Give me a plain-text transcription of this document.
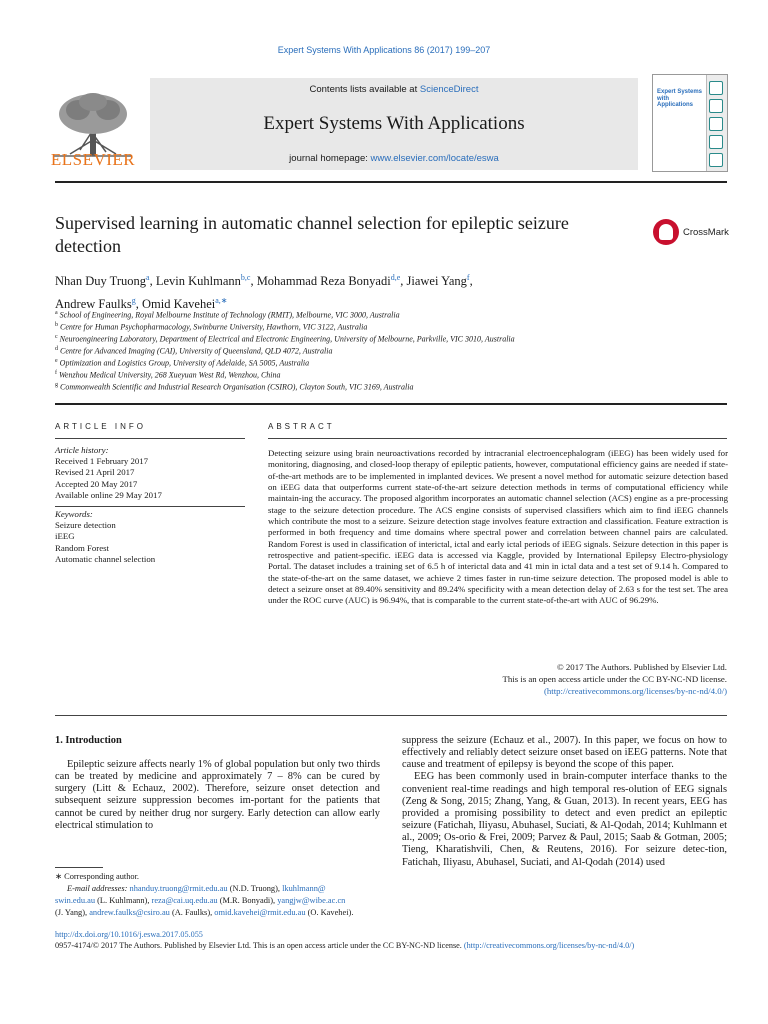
Expert Systems With Applications 86 (2017) 199–207
Contents lists available at ScienceDirect
Expert Systems With Applications
journal homepage: www.elsevier.com/locate/eswa
ELSEVIER
Expert Systems with Applications
Supervised learning in automatic channel selection for epileptic seizure detection
CrossMark
Nhan Duy Truong$^a$, Levin Kuhlmann$^{b,c}$, Mohammad Reza Bonyadi$^{d,e}$, Jiawei Yang$^f$,
Andrew Faulks$^g$, Omid Kavehei$^{a,∗}$
$^a$ School of Engineering, Royal Melbourne Institute of Technology (RMIT), Melbourne, VIC 3000, Australia
$^b$ Centre for Human Psychopharmacology, Swinburne University, Hawthorn, VIC 3122, Australia
$^c$ Neuroengineering Laboratory, Department of Electrical and Electronic Engineering, University of Melbourne, Parkville, VIC 3010, Australia
$^d$ Centre for Advanced Imaging (CAI), University of Queensland, QLD 4072, Australia
$^e$ Optimization and Logistics Group, University of Adelaide, SA 5005, Australia
$^f$ Wenzhou Medical University, 268 Xueyuan West Rd, Wenzhou, China
$^g$ Commonwealth Scientific and Industrial Research Organisation (CSIRO), Clayton South, VIC 3169, Australia
ARTICLE INFO
Article history:
Received 1 February 2017
Revised 21 April 2017
Accepted 20 May 2017
Available online 29 May 2017
Keywords:
Seizure detection
iEEG
Random Forest
Automatic channel selection
ABSTRACT
Detecting seizure using brain neuroactivations recorded by intracranial electroencephalogram (iEEG) has been widely used for monitoring, diagnosing, and closed-loop therapy of epileptic patients, however, computational efficiency gains are needed if state-of-the-art methods are to be implemented in implanted devices. We present a novel method for automatic seizure detection based on iEEG data that outperforms current state-of-the-art seizure detection methods in terms of computational efficiency while maintain-ing the accuracy. The proposed algorithm incorporates an automatic channel selection (ACS) engine as a pre-processing stage to the seizure detection procedure. The ACS engine consists of supervised classifiers which aim to find iEEG channels which contribute the most to a seizure. Seizure detection stage involves feature extraction and classification. Feature extraction is performed in both frequency and time domains where spectral power and correlation between channel pairs are calculated. Random Forest is used in classification of interictal, ictal and early ictal periods of iEEG signals. Seizure detection in this paper is retrospective and patient-specific. iEEG data is accessed via Kaggle, provided by International Epilepsy Electro-physiology Portal. The dataset includes a training set of 6.5 h of interictal data and 41 min in ictal data and a test set of 9.14 h. Compared to the state-of-the-art on the same dataset, we achieve 2 times faster in run-time seizure detection. The proposed model is able to detect a seizure onset at 89.40% sensitivity and 89.24% specificity with a mean detection delay of 2.63 s for the test set. The area under the ROC curve (AUC) is 96.94%, that is comparable to the current state-of-the-art with AUC of 96.29%.
© 2017 The Authors. Published by Elsevier Ltd.
This is an open access article under the CC BY-NC-ND license.
(http://creativecommons.org/licenses/by-nc-nd/4.0/)
1. Introduction
Epileptic seizure affects nearly 1% of global population but only two thirds can be treated by medicine and approximately 7 – 8% can be cured by surgery (Litt & Echauz, 2002). Therefore, seizure onset detection and subsequent seizure suppression becomes im-portant for the patients that cannot be cured by neither drug nor surgery. Early detection can allow early electrical stimulation to
suppress the seizure (Echauz et al., 2007). In this paper, we focus on how to effectively and reliably detect seizure onset based on iEEG patterns. Note that cause and treatment of epilepsy is beyond the scope of this paper.
EEG has been commonly used in brain-computer interface thanks to the convenient real-time readings and high temporal res-olution of EEG signals (Zeng & Song, 2015; Zhang, Yang, & Guan, 2013). In recent years, EEG has provided a promising possibility to detect and even predict an epileptic seizure (Fatichah, Iliyasu, Abuhasel, Suciati, & Al-Qodah, 2014; Kuhlmann et al., 2009; Os-orio & Frei, 2009; Parvez & Paul, 2015; Saab & Gotman, 2005; Tieng, Kharatishvili, Chen, & Reutens, 2016). For seizure detec-tion, Fatichah, Iliyasu, Abuhasel, Suciati, and Al-Qodah (2014) used
∗ Corresponding author.
E-mail addresses: nhanduy.truong@rmit.edu.au (N.D. Truong), lkuhlmann@
swin.edu.au (L. Kuhlmann), reza@cai.uq.edu.au (M.R. Bonyadi), yangjw@wibe.ac.cn
(J. Yang), andrew.faulks@csiro.au (A. Faulks), omid.kavehei@rmit.edu.au (O. Kavehei).
http://dx.doi.org/10.1016/j.eswa.2017.05.055
0957-4174/© 2017 The Authors. Published by Elsevier Ltd. This is an open access article under the CC BY-NC-ND license. (http://creativecommons.org/licenses/by-nc-nd/4.0/)
